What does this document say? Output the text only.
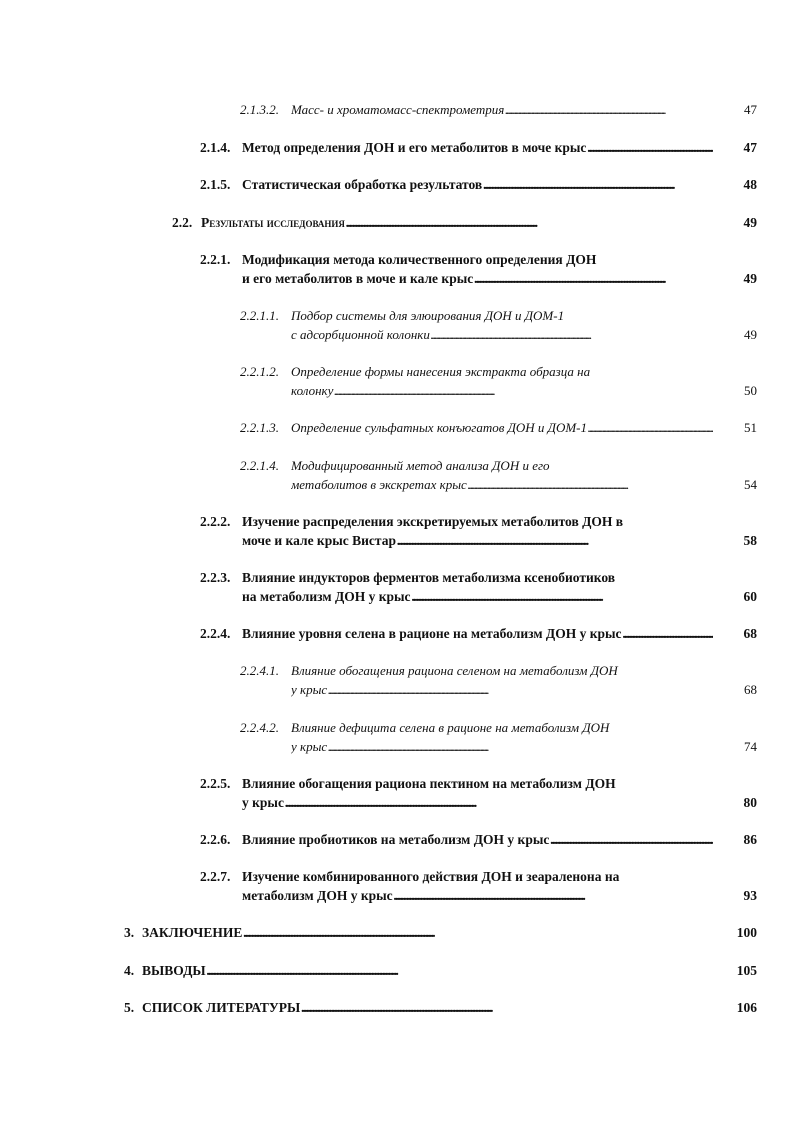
2.1.3.2. Масс- и хроматомасс-спектрометрия . . .	47
2.1.4. Метод определения ДОН и его метаболитов в моче крыс . . .	47
2.1.5. Статистическая обработка результатов . . .	48
2.2. Результаты исследования . . .	49
2.2.1. Модификация метода количественного определения ДОН
и его метаболитов в моче и кале крыс . . .	49
2.2.1.1. Подбор системы для элюирования ДОН и ДОМ-1
с адсорбционной колонки . . .	49
2.2.1.2. Определение формы нанесения экстракта образца на
колонку . . .	50
2.2.1.3. Определение сульфатных конъюгатов ДОН и ДОМ-1 . . .	51
2.2.1.4. Модифицированный метод анализа ДОН и его
метаболитов в экскретах крыс . . .	54
2.2.2. Изучение распределения экскретируемых метаболитов ДОН в
моче и кале крыс Вистар . . .	58
2.2.3. Влияние индукторов ферментов метаболизма ксенобиотиков
на метаболизм ДОН у крыс . . .	60
2.2.4. Влияние уровня селена в рационе на метаболизм ДОН у крыс . . .	68
2.2.4.1. Влияние обогащения рациона селеном на метаболизм ДОН
у крыс . . .	68
2.2.4.2. Влияние дефицита селена в рационе на метаболизм ДОН
у крыс . . .	74
2.2.5. Влияние обогащения рациона пектином на метаболизм ДОН
у крыс . . .	80
2.2.6. Влияние пробиотиков на метаболизм ДОН у крыс . . .	86
2.2.7. Изучение комбинированного действия ДОН и зеараленона на
метаболизм ДОН у крыс . . .	93
3. ЗАКЛЮЧЕНИЕ . . .	100
4. ВЫВОДЫ . . .	105
5. СПИСОК ЛИТЕРАТУРЫ . . .	106
